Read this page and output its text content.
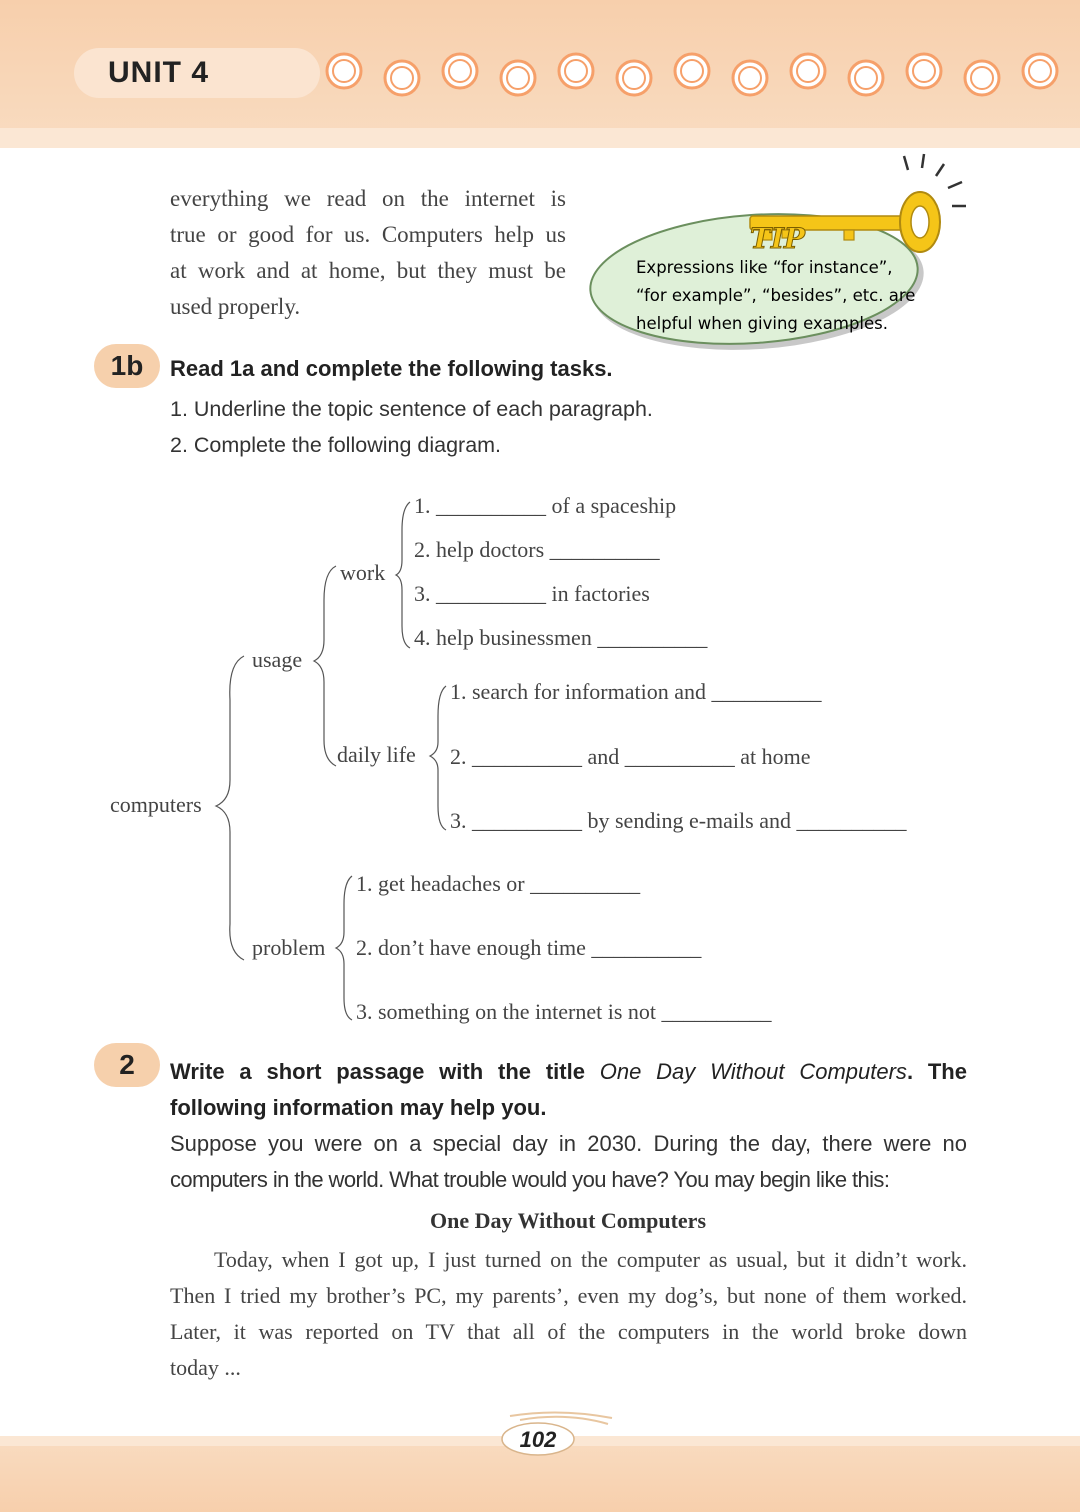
UNIT 4
everything we read on the internet is
true or good for us. Computers help us
at work and at home, but they must be
used properly.
TIP
Expressions like “for instance”,
“for example”, “besides”, etc. are
helpful when giving examples.
1b	Read 1a and complete the following tasks.
1. Underline the topic sentence of each paragraph.
2. Complete the following diagram.
computers
usage
work
1. __________ of a spaceship
2. help doctors __________
3. __________ in factories
4. help businessmen __________
daily life
1. search for information and __________
2. __________ and __________ at home
3. __________ by sending e-mails and __________
problem
1. get headaches or __________
2. don’t have enough time __________
3. something on the internet is not __________
2	Write a short passage with the title One Day Without Computers. The
following information may help you.
Suppose you were on a special day in 2030. During the day, there were no
computers in the world. What trouble would you have? You may begin like this:
One Day Without Computers
Today, when I got up, I just turned on the computer as usual, but it didn’t work.
Then I tried my brother’s PC, my parents’, even my dog’s, but none of them worked.
Later, it was reported on TV that all of the computers in the world broke down
today ...
102
